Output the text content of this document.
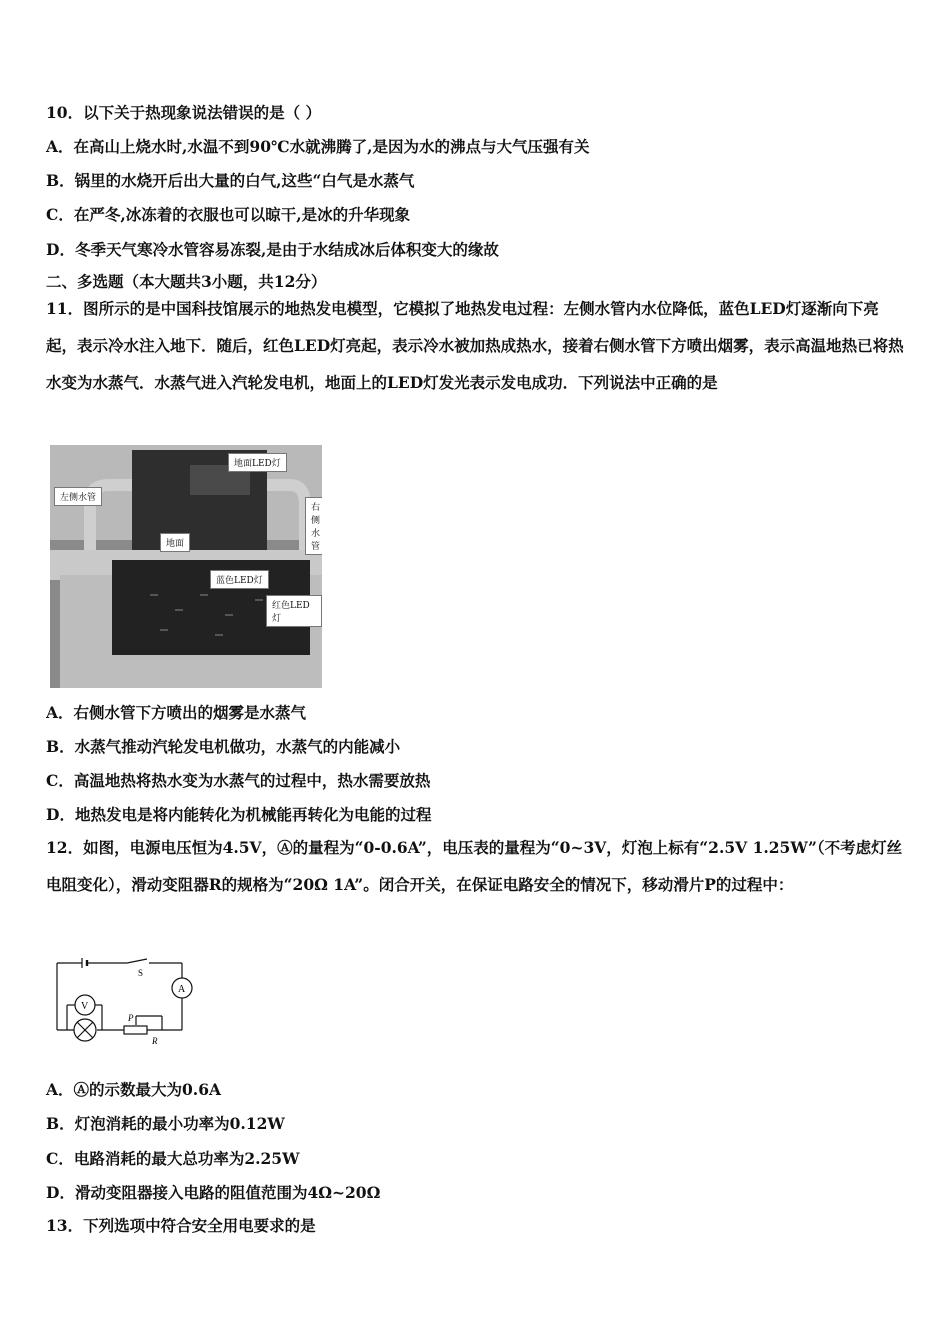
10．以下关于热现象说法错误的是（ ）
A．在高山上烧水时,水温不到90℃水就沸腾了,是因为水的沸点与大气压强有关
B．锅里的水烧开后出大量的白气,这些“白气是水蒸气
C．在严冬,冰冻着的衣服也可以晾干,是冰的升华现象
D．冬季天气寒冷水管容易冻裂,是由于水结成冰后体积变大的缘故
二、多选题（本大题共3小题，共12分）
11．图所示的是中国科技馆展示的地热发电模型，它模拟了地热发电过程：左侧水管内水位降低，蓝色LED灯逐渐向下亮起，表示冷水注入地下．随后，红色LED灯亮起，表示冷水被加热成热水，接着右侧水管下方喷出烟雾，表示高温地热已将热水变为水蒸气．水蒸气进入汽轮发电机，地面上的LED灯发光表示发电成功．下列说法中正确的是
地面LED灯
左侧水管
右侧水管
地面
蓝色LED灯
红色LED灯
A．右侧水管下方喷出的烟雾是水蒸气
B．水蒸气推动汽轮发电机做功，水蒸气的内能减小
C．高温地热将热水变为水蒸气的过程中，热水需要放热
D．地热发电是将内能转化为机械能再转化为电能的过程
12．如图，电源电压恒为4.5V，Ⓐ的量程为“0-0.6A”，电压表的量程为“0~3V，灯泡上标有“2.5V 1.25W”（不考虑灯丝电阻变化），滑动变阻器R的规格为“20Ω 1A”。闭合开关，在保证电路安全的情况下，移动滑片P的过程中：
S
A
V
P
R
A．Ⓐ的示数最大为0.6A
B．灯泡消耗的最小功率为0.12W
C．电路消耗的最大总功率为2.25W
D．滑动变阻器接入电路的阻值范围为4Ω~20Ω
13．下列选项中符合安全用电要求的是
